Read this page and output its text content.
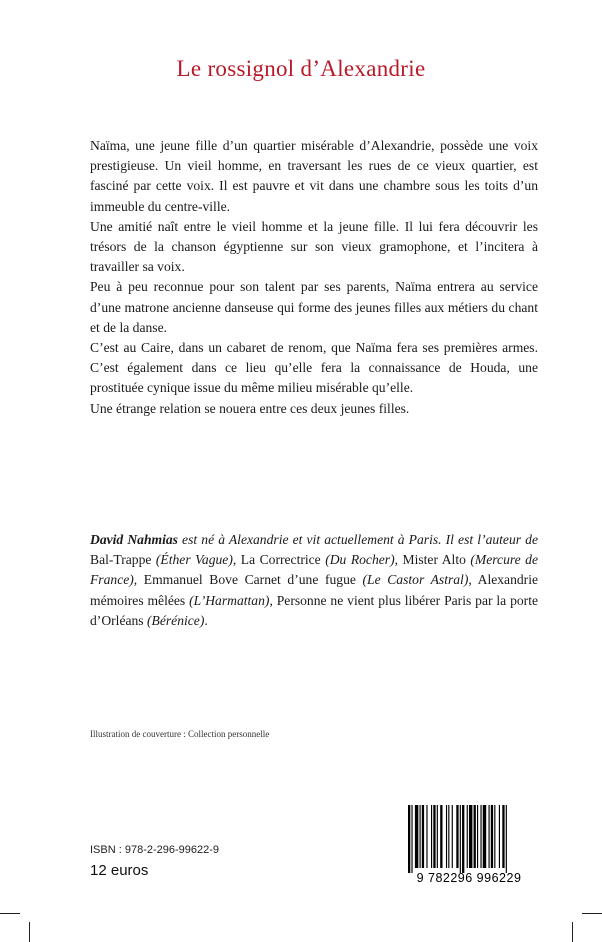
Le rossignol d’Alexandrie

Naïma, une jeune fille d’un quartier misérable d’Alexandrie, possède une voix prestigieuse. Un vieil homme, en traversant les rues de ce vieux quartier, est fasciné par cette voix. Il est pauvre et vit dans une chambre sous les toits d’un immeuble du centre-ville.

Une amitié naît entre le vieil homme et la jeune fille. Il lui fera découvrir les trésors de la chanson égyptienne sur son vieux gramophone, et l’incitera à travailler sa voix.

Peu à peu reconnue pour son talent par ses parents, Naïma entrera au service d’une matrone ancienne danseuse qui forme des jeunes filles aux métiers du chant et de la danse.

C’est au Caire, dans un cabaret de renom, que Naïma fera ses premières armes. C’est également dans ce lieu qu’elle fera la connaissance de Houda, une prostituée cynique issue du même milieu misérable qu’elle.

Une étrange relation se nouera entre ces deux jeunes filles.

David Nahmias est né à Alexandrie et vit actuellement à Paris. Il est l’auteur de Bal-Trappe (Éther Vague), La Correctrice (Du Rocher), Mister Alto (Mercure de France), Emmanuel Bove Carnet d’une fugue (Le Castor Astral), Alexandrie mémoires mêlées (L’Harmattan), Personne ne vient plus libérer Paris par la porte d’Orléans (Bérénice).
Illustration de couverture : Collection personnelle
ISBN : 978-2-296-99622-9
12 euros	9 782296 996229
